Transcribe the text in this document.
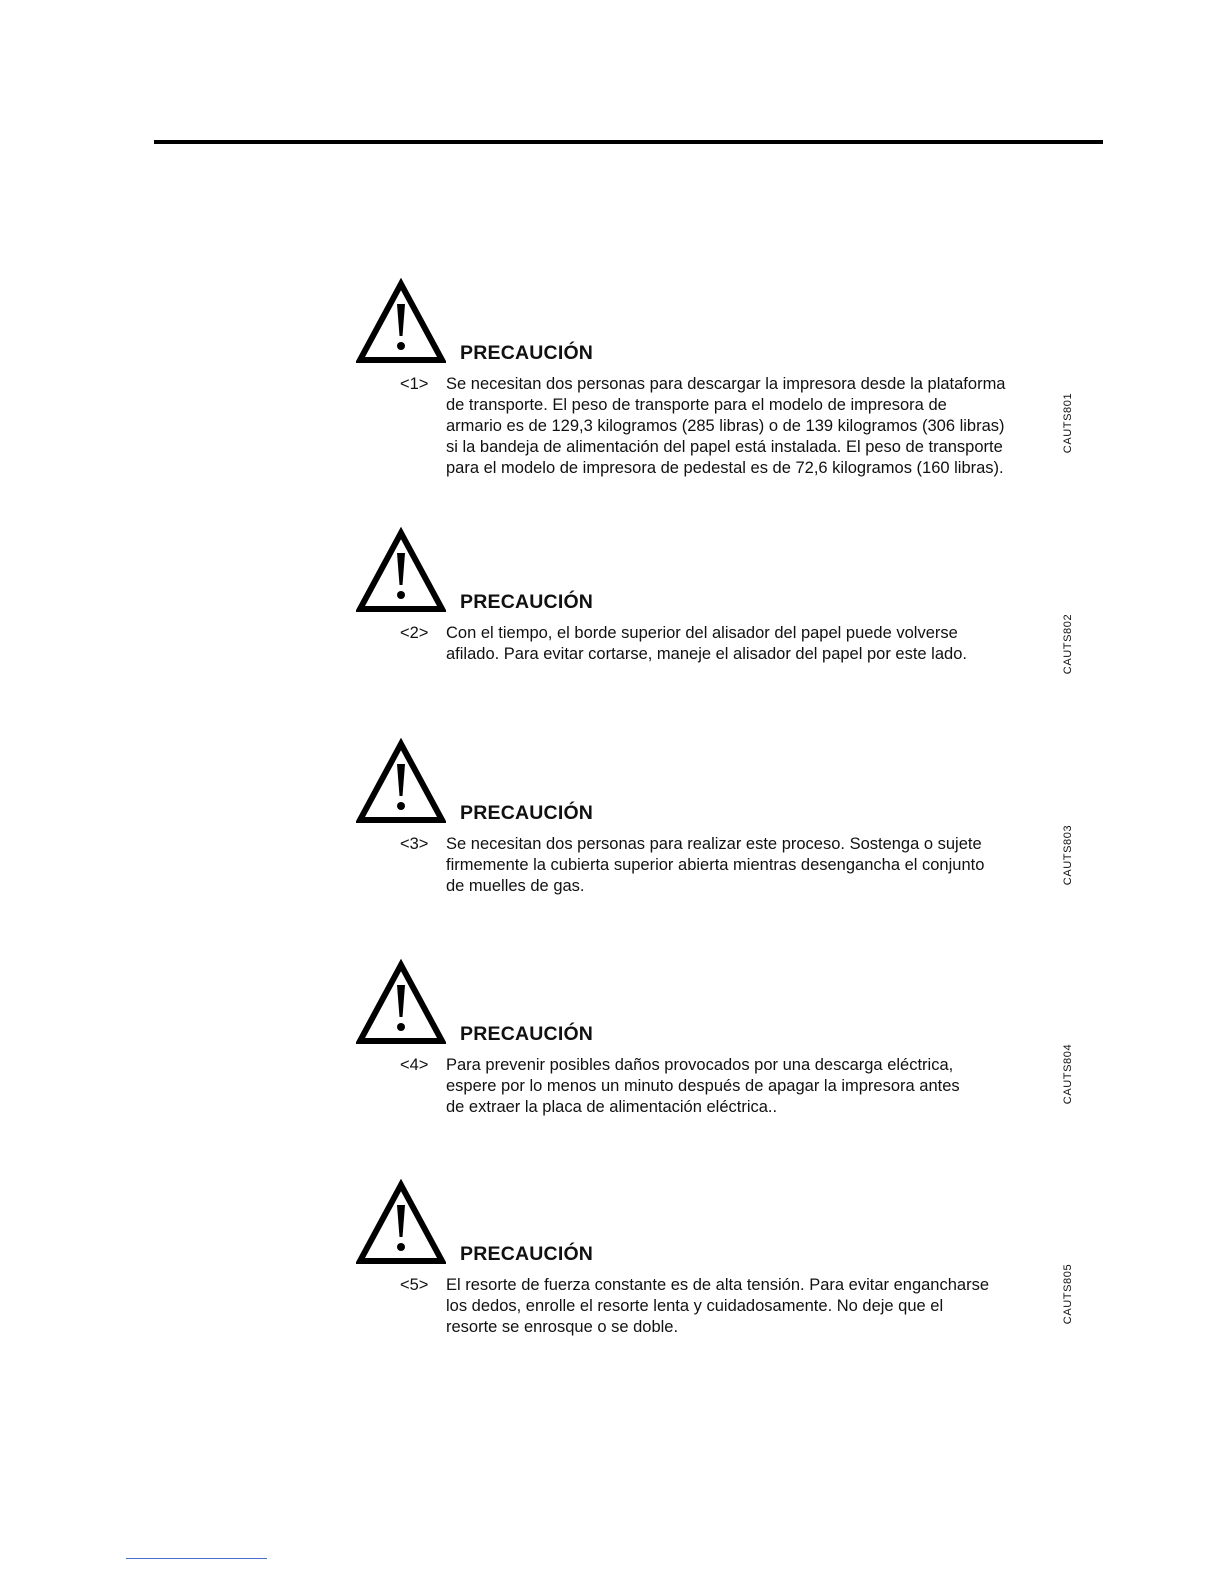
PRECAUCIÓN
<1> Se necesitan dos personas para descargar la impresora desde la plataforma
de transporte. El peso de transporte para el modelo de impresora de
armario es de 129,3 kilogramos (285 libras) o de 139 kilogramos (306 libras)
si la bandeja de alimentación del papel está instalada. El peso de transporte
para el modelo de impresora de pedestal es de 72,6 kilogramos (160 libras).

CAUTS801
PRECAUCIÓN
<2> Con el tiempo, el borde superior del alisador del papel puede volverse
afilado. Para evitar cortarse, maneje el alisador del papel por este lado.	CAUTS802
PRECAUCIÓN
<3> Se necesitan dos personas para realizar este proceso. Sostenga o sujete
firmemente la cubierta superior abierta mientras desengancha el conjunto
de muelles de gas.

CAUTS803
PRECAUCIÓN
<4> Para prevenir posibles daños provocados por una descarga eléctrica,
espere por lo menos un minuto después de apagar la impresora antes
de extraer la placa de alimentación eléctrica..

CAUTS804
PRECAUCIÓN
<5> El resorte de fuerza constante es de alta tensión. Para evitar engancharse
los dedos, enrolle el resorte lenta y cuidadosamente. No deje que el
resorte se enrosque o se doble.

CAUTS805
